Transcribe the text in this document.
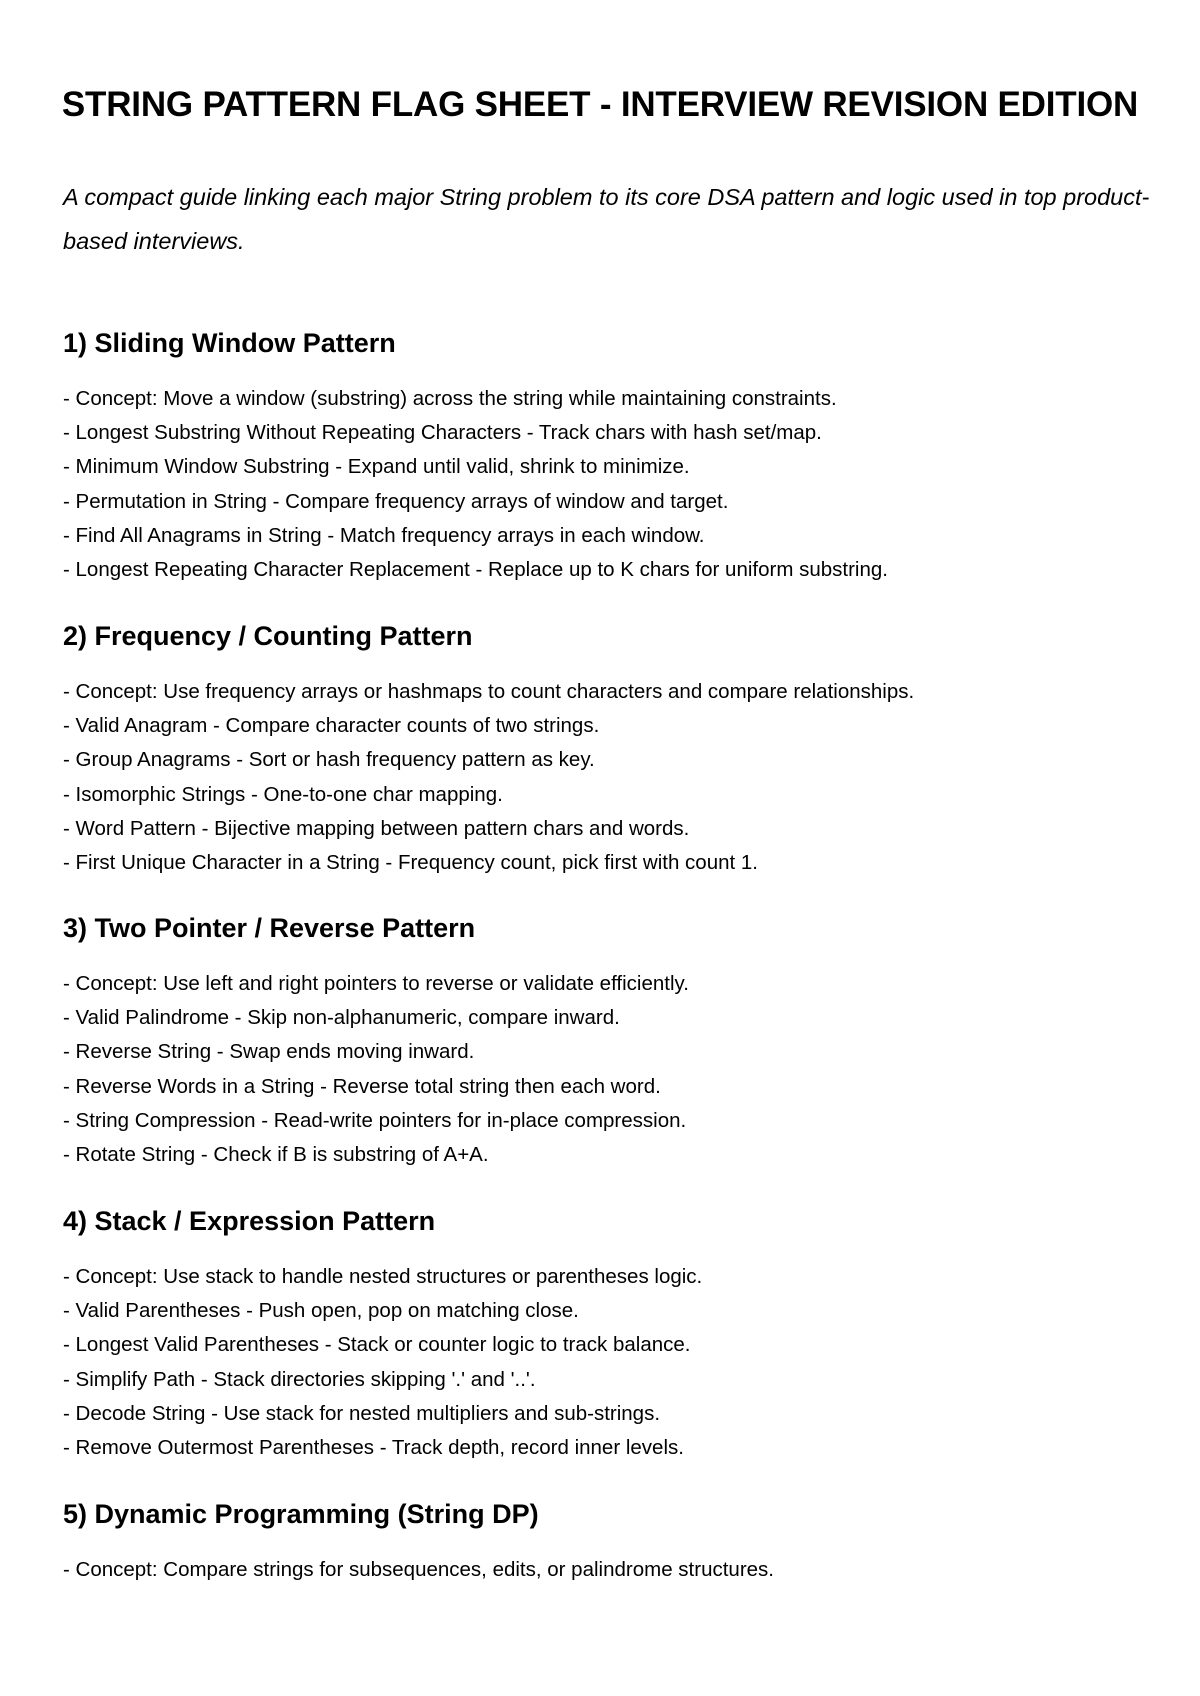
STRING PATTERN FLAG SHEET - INTERVIEW REVISION EDITION

A compact guide linking each major String problem to its core DSA pattern and logic used in top product-based interviews.

1) Sliding Window Pattern
- Concept: Move a window (substring) across the string while maintaining constraints.
- Longest Substring Without Repeating Characters - Track chars with hash set/map.
- Minimum Window Substring - Expand until valid, shrink to minimize.
- Permutation in String - Compare frequency arrays of window and target.
- Find All Anagrams in String - Match frequency arrays in each window.
- Longest Repeating Character Replacement - Replace up to K chars for uniform substring.
2) Frequency / Counting Pattern
- Concept: Use frequency arrays or hashmaps to count characters and compare relationships.
- Valid Anagram - Compare character counts of two strings.
- Group Anagrams - Sort or hash frequency pattern as key.
- Isomorphic Strings - One-to-one char mapping.
- Word Pattern - Bijective mapping between pattern chars and words.
- First Unique Character in a String - Frequency count, pick first with count 1.
3) Two Pointer / Reverse Pattern
- Concept: Use left and right pointers to reverse or validate efficiently.
- Valid Palindrome - Skip non-alphanumeric, compare inward.
- Reverse String - Swap ends moving inward.
- Reverse Words in a String - Reverse total string then each word.
- String Compression - Read-write pointers for in-place compression.
- Rotate String - Check if B is substring of A+A.
4) Stack / Expression Pattern
- Concept: Use stack to handle nested structures or parentheses logic.
- Valid Parentheses - Push open, pop on matching close.
- Longest Valid Parentheses - Stack or counter logic to track balance.
- Simplify Path - Stack directories skipping '.' and '..'.
- Decode String - Use stack for nested multipliers and sub-strings.
- Remove Outermost Parentheses - Track depth, record inner levels.
5) Dynamic Programming (String DP)
- Concept: Compare strings for subsequences, edits, or palindrome structures.
